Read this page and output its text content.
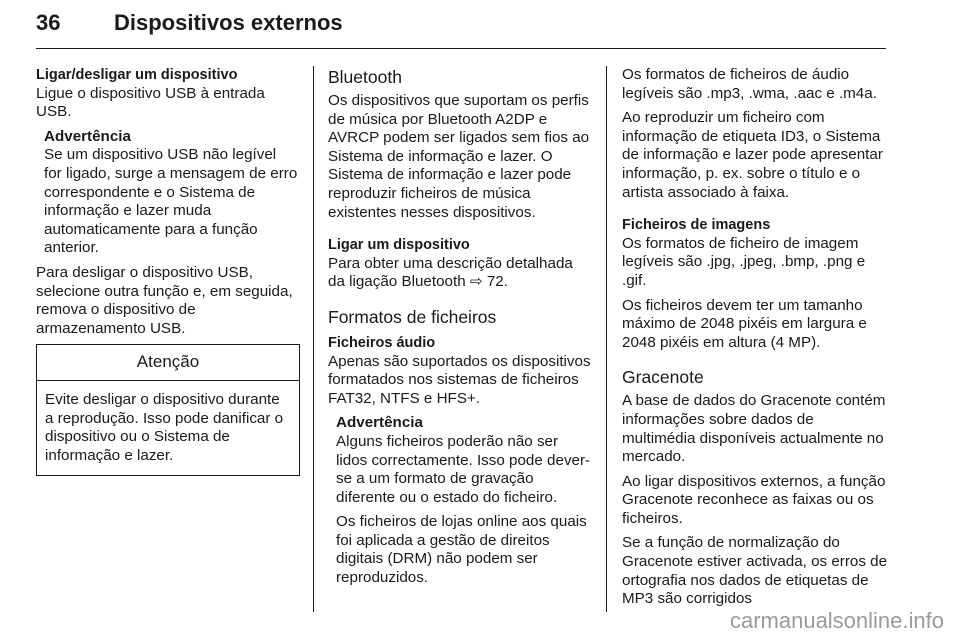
36 Dispositivos externos

Ligar/desligar um dispositivo

Ligue o dispositivo USB à entrada USB.

Advertência

Se um dispositivo USB não legível for ligado, surge a mensagem de erro correspondente e o Sistema de informação e lazer muda automaticamente para a função anterior.

Para desligar o dispositivo USB, selecione outra função e, em seguida, remova o dispositivo de armazenamento USB.

Atenção
Evite desligar o dispositivo durante a reprodução. Isso pode danificar o dispositivo ou o Sistema de informação e lazer.

Bluetooth

Os dispositivos que suportam os perfis de música por Bluetooth A2DP e AVRCP podem ser ligados sem fios ao Sistema de informação e lazer. O Sistema de informação e lazer pode reproduzir ficheiros de música existentes nesses dispositivos.

Ligar um dispositivo

Para obter uma descrição detalhada da ligação Bluetooth ⇨ 72.

Formatos de ficheiros

Ficheiros áudio

Apenas são suportados os dispositivos formatados nos sistemas de ficheiros FAT32, NTFS e HFS+.

Advertência

Alguns ficheiros poderão não ser lidos correctamente. Isso pode dever-se a um formato de gravação diferente ou o estado do ficheiro.

Os ficheiros de lojas online aos quais foi aplicada a gestão de direitos digitais (DRM) não podem ser reproduzidos.

Os formatos de ficheiros de áudio legíveis são .mp3, .wma, .aac e .m4a.

Ao reproduzir um ficheiro com informação de etiqueta ID3, o Sistema de informação e lazer pode apresentar informação, p. ex. sobre o título e o artista associado à faixa.

Ficheiros de imagens

Os formatos de ficheiro de imagem legíveis são .jpg, .jpeg, .bmp, .png e .gif.

Os ficheiros devem ter um tamanho máximo de 2048 pixéis em largura e 2048 pixéis em altura (4 MP).

Gracenote

A base de dados do Gracenote contém informações sobre dados de multimédia disponíveis actualmente no mercado.

Ao ligar dispositivos externos, a função Gracenote reconhece as faixas ou os ficheiros.

Se a função de normalização do Gracenote estiver activada, os erros de ortografia nos dados de etiquetas de MP3 são corrigidos

carmanualsonline.info
